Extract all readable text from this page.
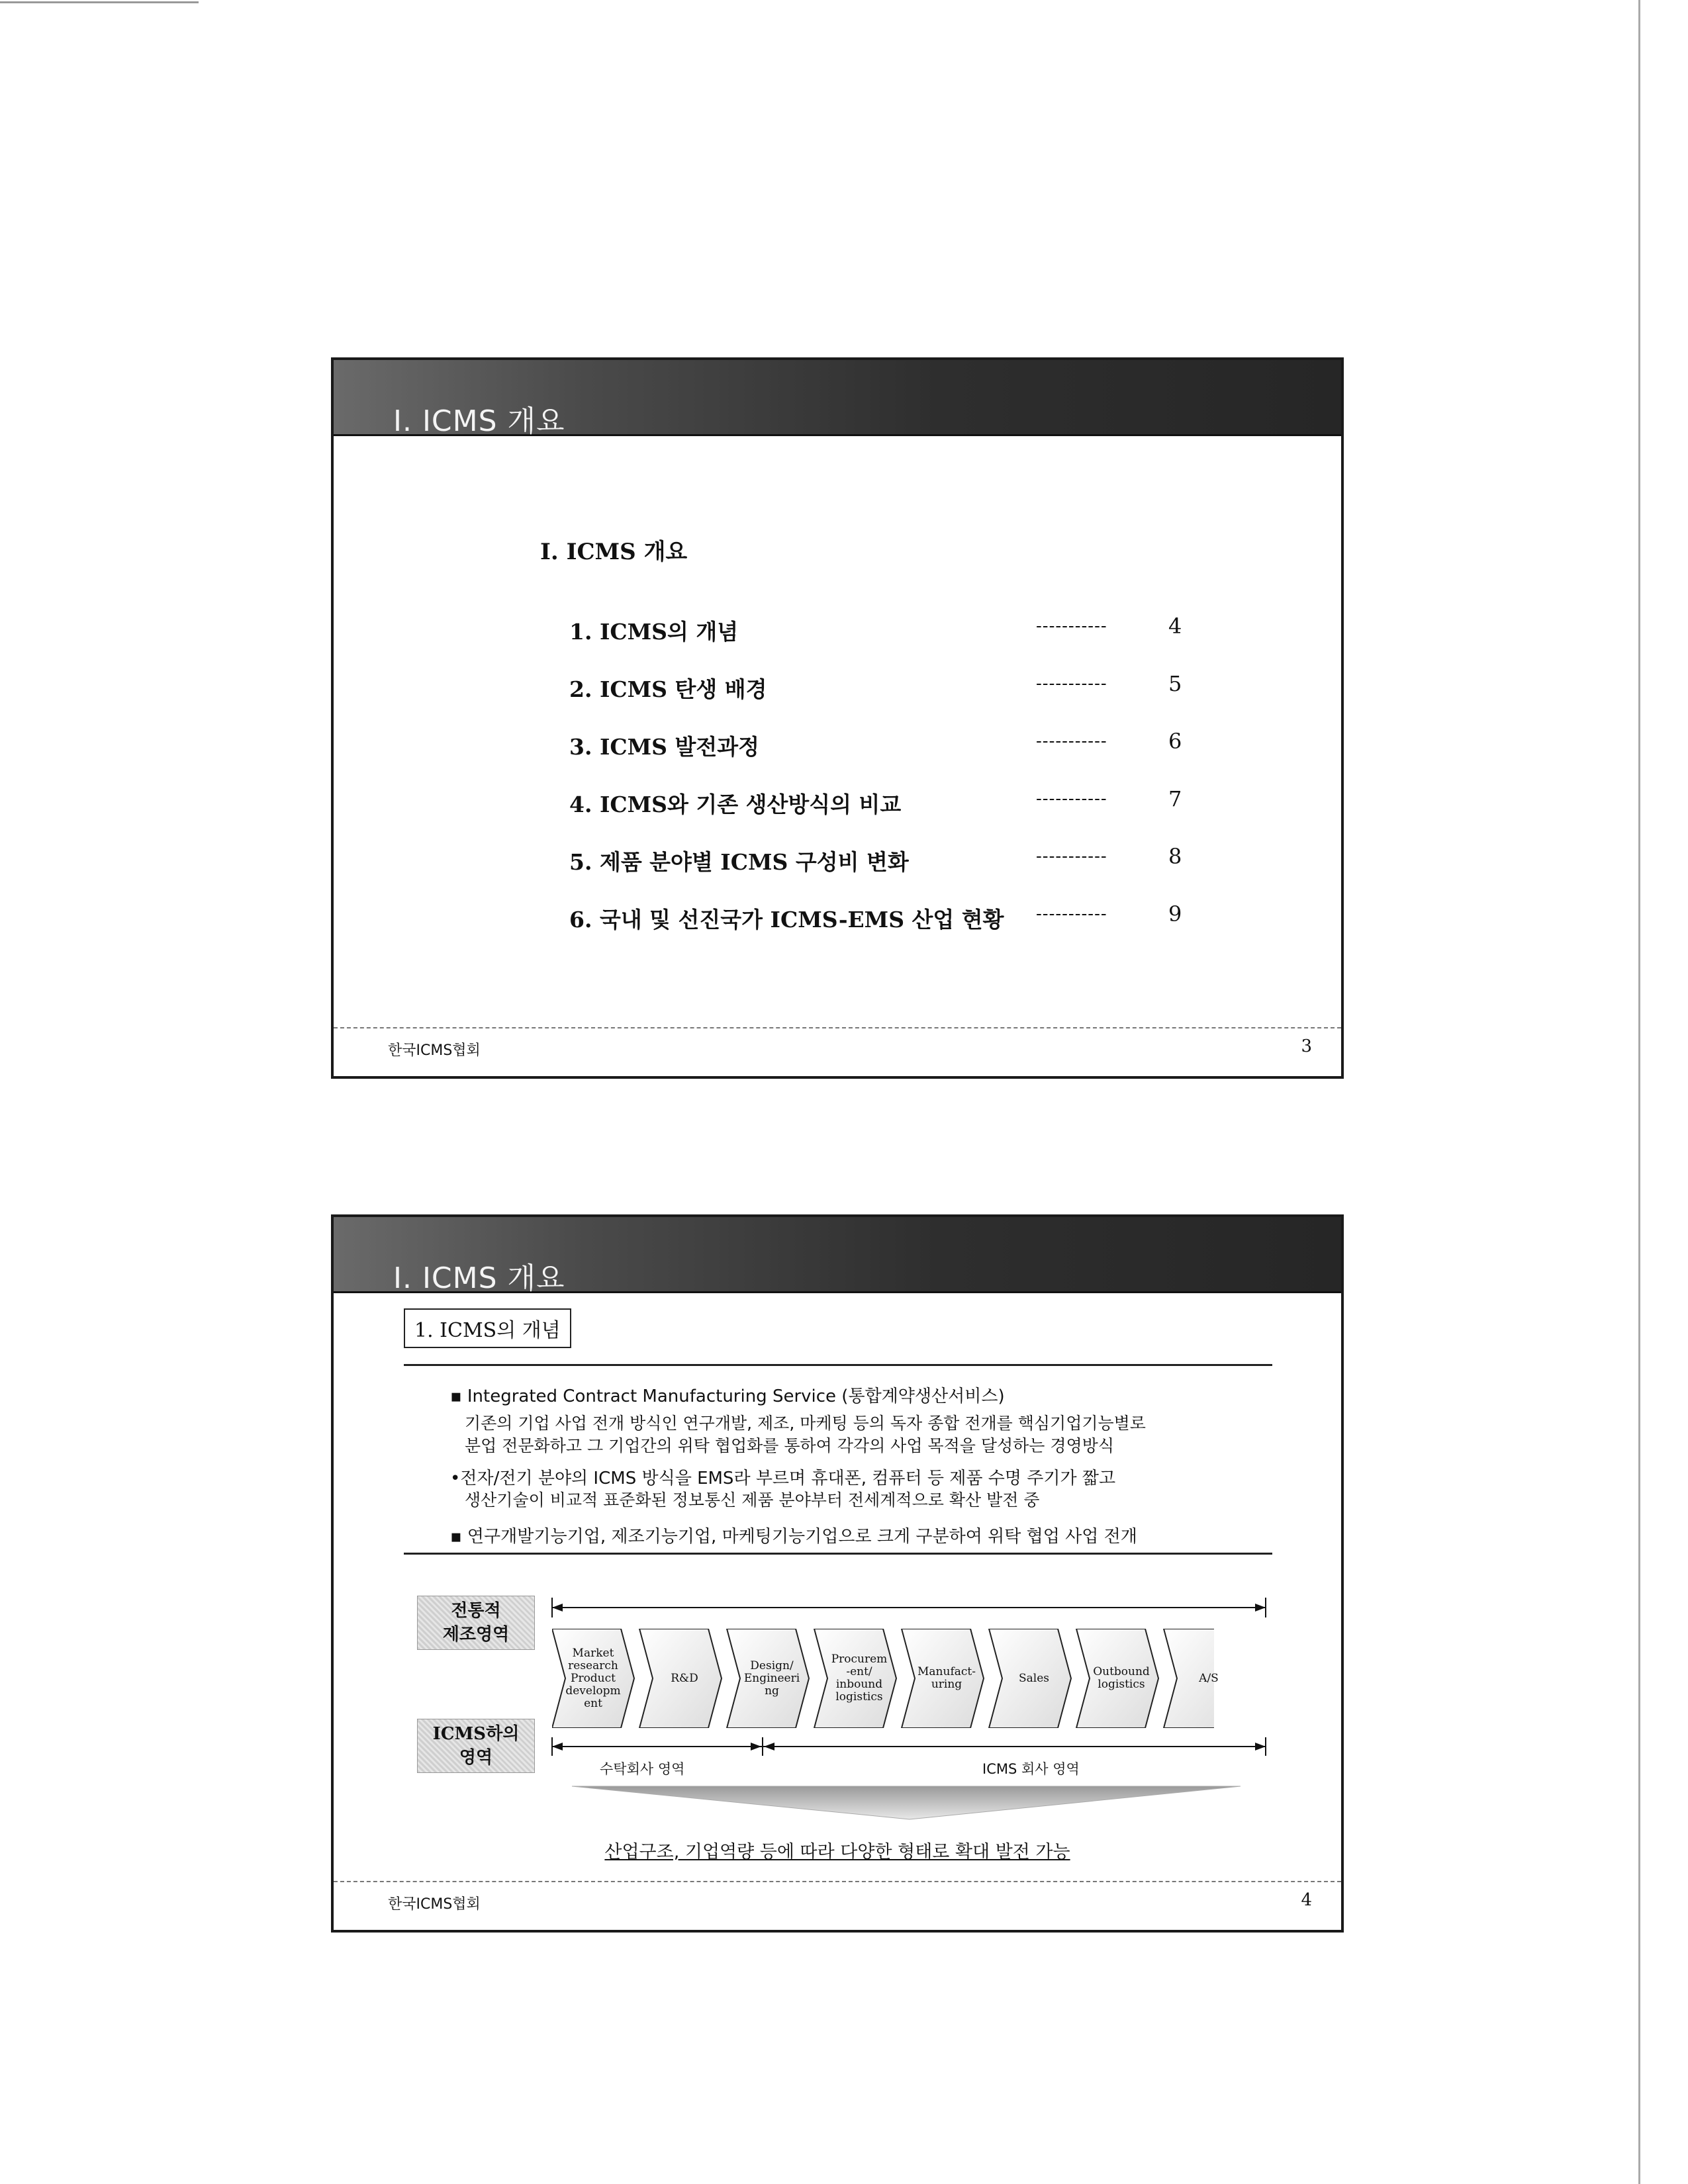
I. ICMS 개요
I. ICMS 개요
1. ICMS의 개념	-----------	4
2. ICMS 탄생 배경	-----------	5
3. ICMS 발전과정	-----------	6
4. ICMS와 기존 생산방식의 비교	-----------	7
5. 제품 분야별 ICMS 구성비 변화	-----------	8
6. 국내 및 선진국가 ICMS-EMS 산업 현황 -----------	9
한국ICMS협회	3
I. ICMS 개요
1. ICMS의 개념
▪ Integrated Contract Manufacturing Service (통합계약생산서비스)
기존의 기업 사업 전개 방식인 연구개발, 제조, 마케팅 등의 독자 종합 전개를 핵심기업기능별로
분업 전문화하고 그 기업간의 위탁 협업화를 통하여 각각의 사업 목적을 달성하는 경영방식
•전자/전기 분야의 ICMS 방식을 EMS라 부르며 휴대폰, 컴퓨터 등 제품 수명 주기가 짧고
생산기술이 비교적 표준화된 정보통신 제품 분야부터 전세계적으로 확산 발전 중
▪ 연구개발기능기업, 제조기능기업, 마케팅기능기업으로 크게 구분하여 위탁 협업 사업 전개
전통적
제조영역
ICMS하의
영역
Market
research
Product
developm
ent
R&D
Design/
Engineeri
ng
Procurem
-ent/
inbound
logistics
Manufact-
uring	Sales	Outbound
logistics	A/S
수탁회사 영역	ICMS 회사 영역
산업구조, 기업역량 등에 따라 다양한 형태로 확대 발전 가능
한국ICMS협회	4
